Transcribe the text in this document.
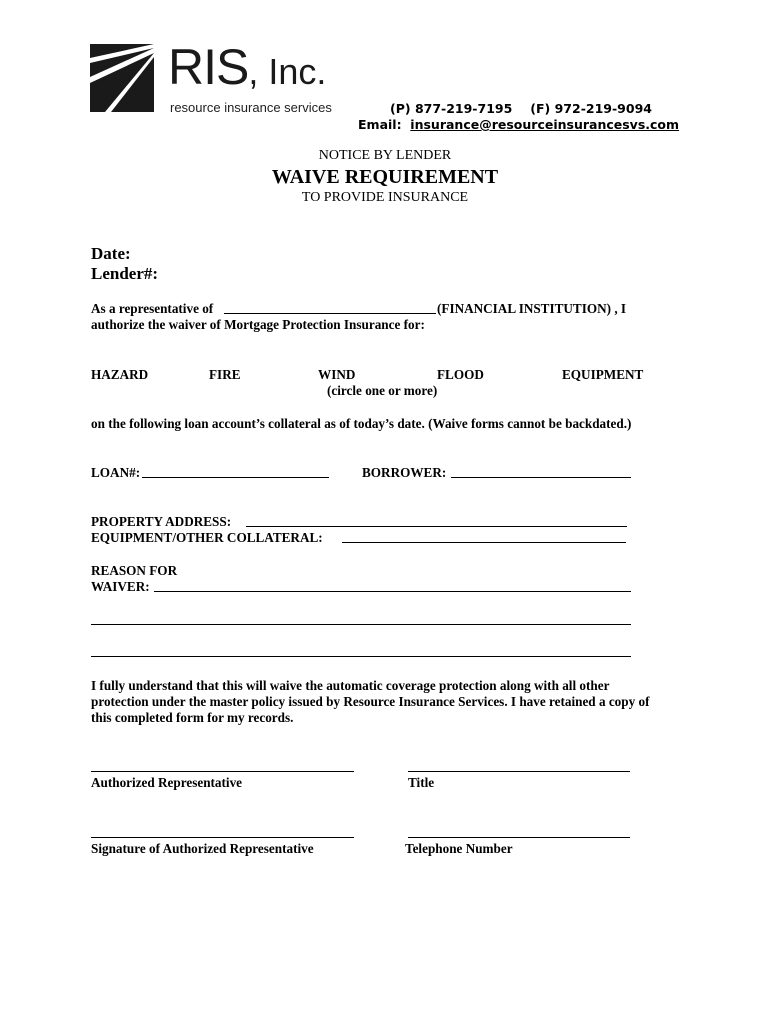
RIS, Inc.
resource insurance services	(P) 877-219-7195 (F) 972-219-9094
Email: insurance@resourceinsurancesvs.com
NOTICE BY LENDER
WAIVE REQUIREMENT
TO PROVIDE INSURANCE
Date:
Lender#:
As a representative of	(FINANCIAL INSTITUTION) , I
authorize the waiver of Mortgage Protection Insurance for:
HAZARD	FIRE	WIND	FLOOD	EQUIPMENT
(circle one or more)
on the following loan account’s collateral as of today’s date. (Waive forms cannot be backdated.)
LOAN#:	BORROWER:
PROPERTY ADDRESS:
EQUIPMENT/OTHER COLLATERAL:
REASON FOR
WAIVER:
I fully understand that this will waive the automatic coverage protection along with all other
protection under the master policy issued by Resource Insurance Services. I have retained a copy of
this completed form for my records.
Authorized Representative	Title
Signature of Authorized Representative	Telephone Number
